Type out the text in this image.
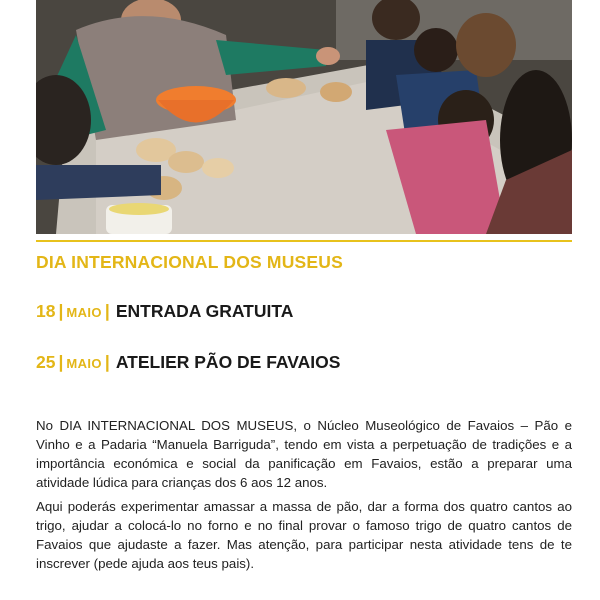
DIA INTERNACIONAL DOS MUSEUS

18 | MAIO | ENTRADA GRATUITA

25 | MAIO | ATELIER PÃO DE FAVAIOS

No DIA INTERNACIONAL DOS MUSEUS, o Núcleo Museológico de Favaios – Pão e Vinho e a Padaria “Manuela Barriguda”, tendo em vista a perpetuação de tradições e a importância económica e social da panificação em Favaios, estão a preparar uma atividade lúdica para crianças dos 6 aos 12 anos.

Aqui poderás experimentar amassar a massa de pão, dar a forma dos quatro cantos ao trigo, ajudar a colocá-lo no forno e no final provar o famoso trigo de quatro cantos de Favaios que ajudaste a fazer. Mas atenção, para participar nesta atividade tens de te inscrever (pede ajuda aos teus pais).
